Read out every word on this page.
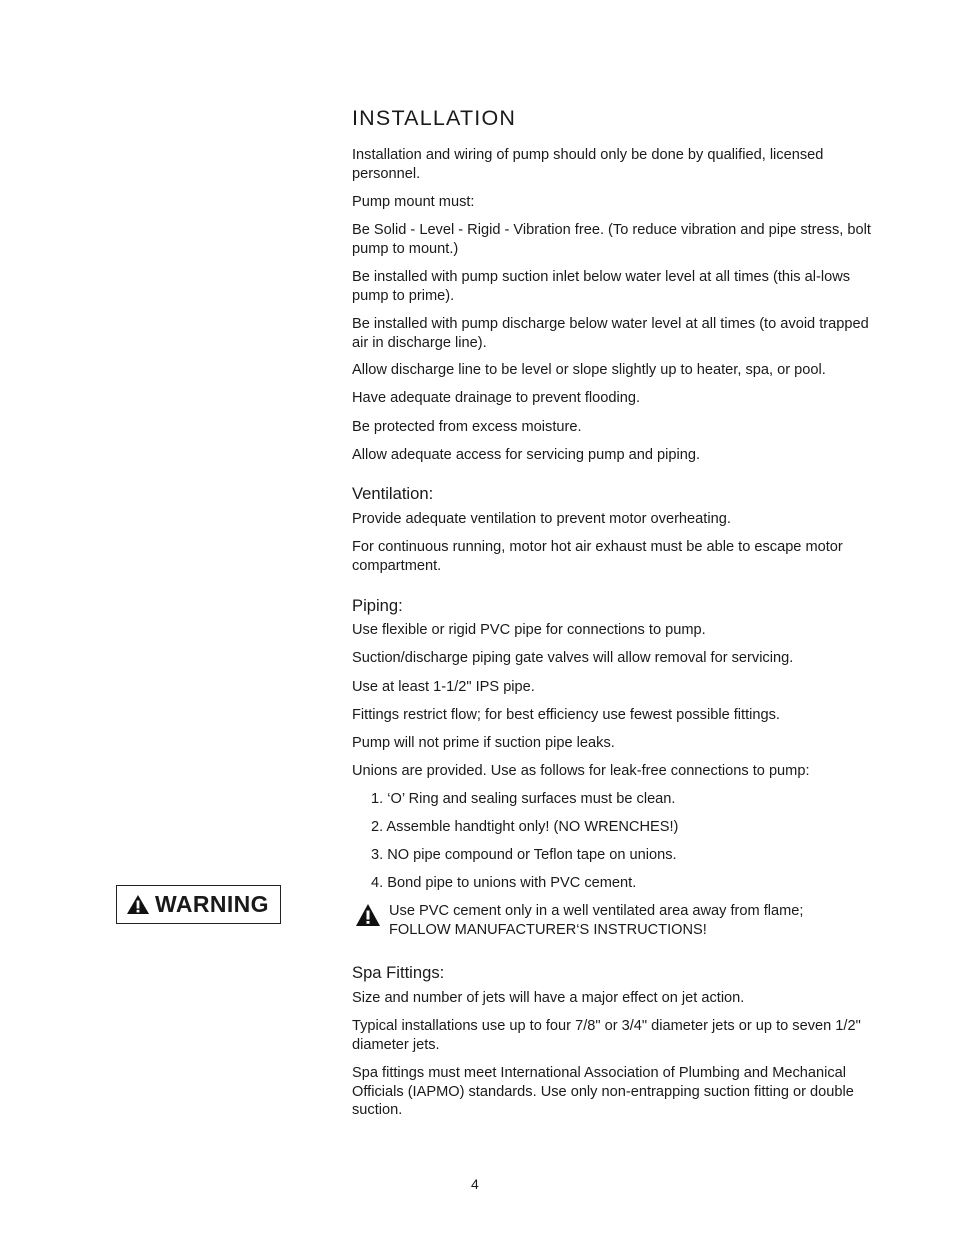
INSTALLATION

Installation and wiring of pump should only be done by qualified, licensed personnel.

Pump mount must:

Be Solid - Level - Rigid - Vibration free. (To reduce vibration and pipe stress, bolt pump to mount.)

Be installed with pump suction inlet below water level at all times (this al-lows pump to prime).

Be installed with pump discharge below water level at all times (to avoid trapped air in discharge line).

Allow discharge line to be level or slope slightly up to heater, spa, or pool.

Have adequate drainage to prevent flooding.

Be protected from excess moisture.

Allow adequate access for servicing pump and piping.

Ventilation:

Provide adequate ventilation to prevent motor overheating.

For continuous running, motor hot air exhaust must be able to escape motor compartment.

Piping:

Use flexible or rigid PVC pipe for connections to pump.

Suction/discharge piping gate valves will allow removal for servicing.

Use at least 1-1/2" IPS pipe.

Fittings restrict flow; for best efficiency use fewest possible fittings.

Pump will not prime if suction pipe leaks.

Unions are provided. Use as follows for leak-free connections to pump:

1. ‘O’ Ring and sealing surfaces must be clean.
2. Assemble handtight only! (NO WRENCHES!)
3. NO pipe compound or Teflon tape on unions.
4. Bond pipe to unions with PVC cement.
WARNING	Use PVC cement only in a well ventilated area away from flame;
FOLLOW MANUFACTURER‘S INSTRUCTIONS!
Spa Fittings:

Size and number of jets will have a major effect on jet action.

Typical installations use up to four 7/8" or 3/4" diameter jets or up to seven 1/2" diameter jets.

Spa fittings must meet International Association of Plumbing and Mechanical Officials (IAPMO) standards. Use only non-entrapping suction fitting or double suction.

4
